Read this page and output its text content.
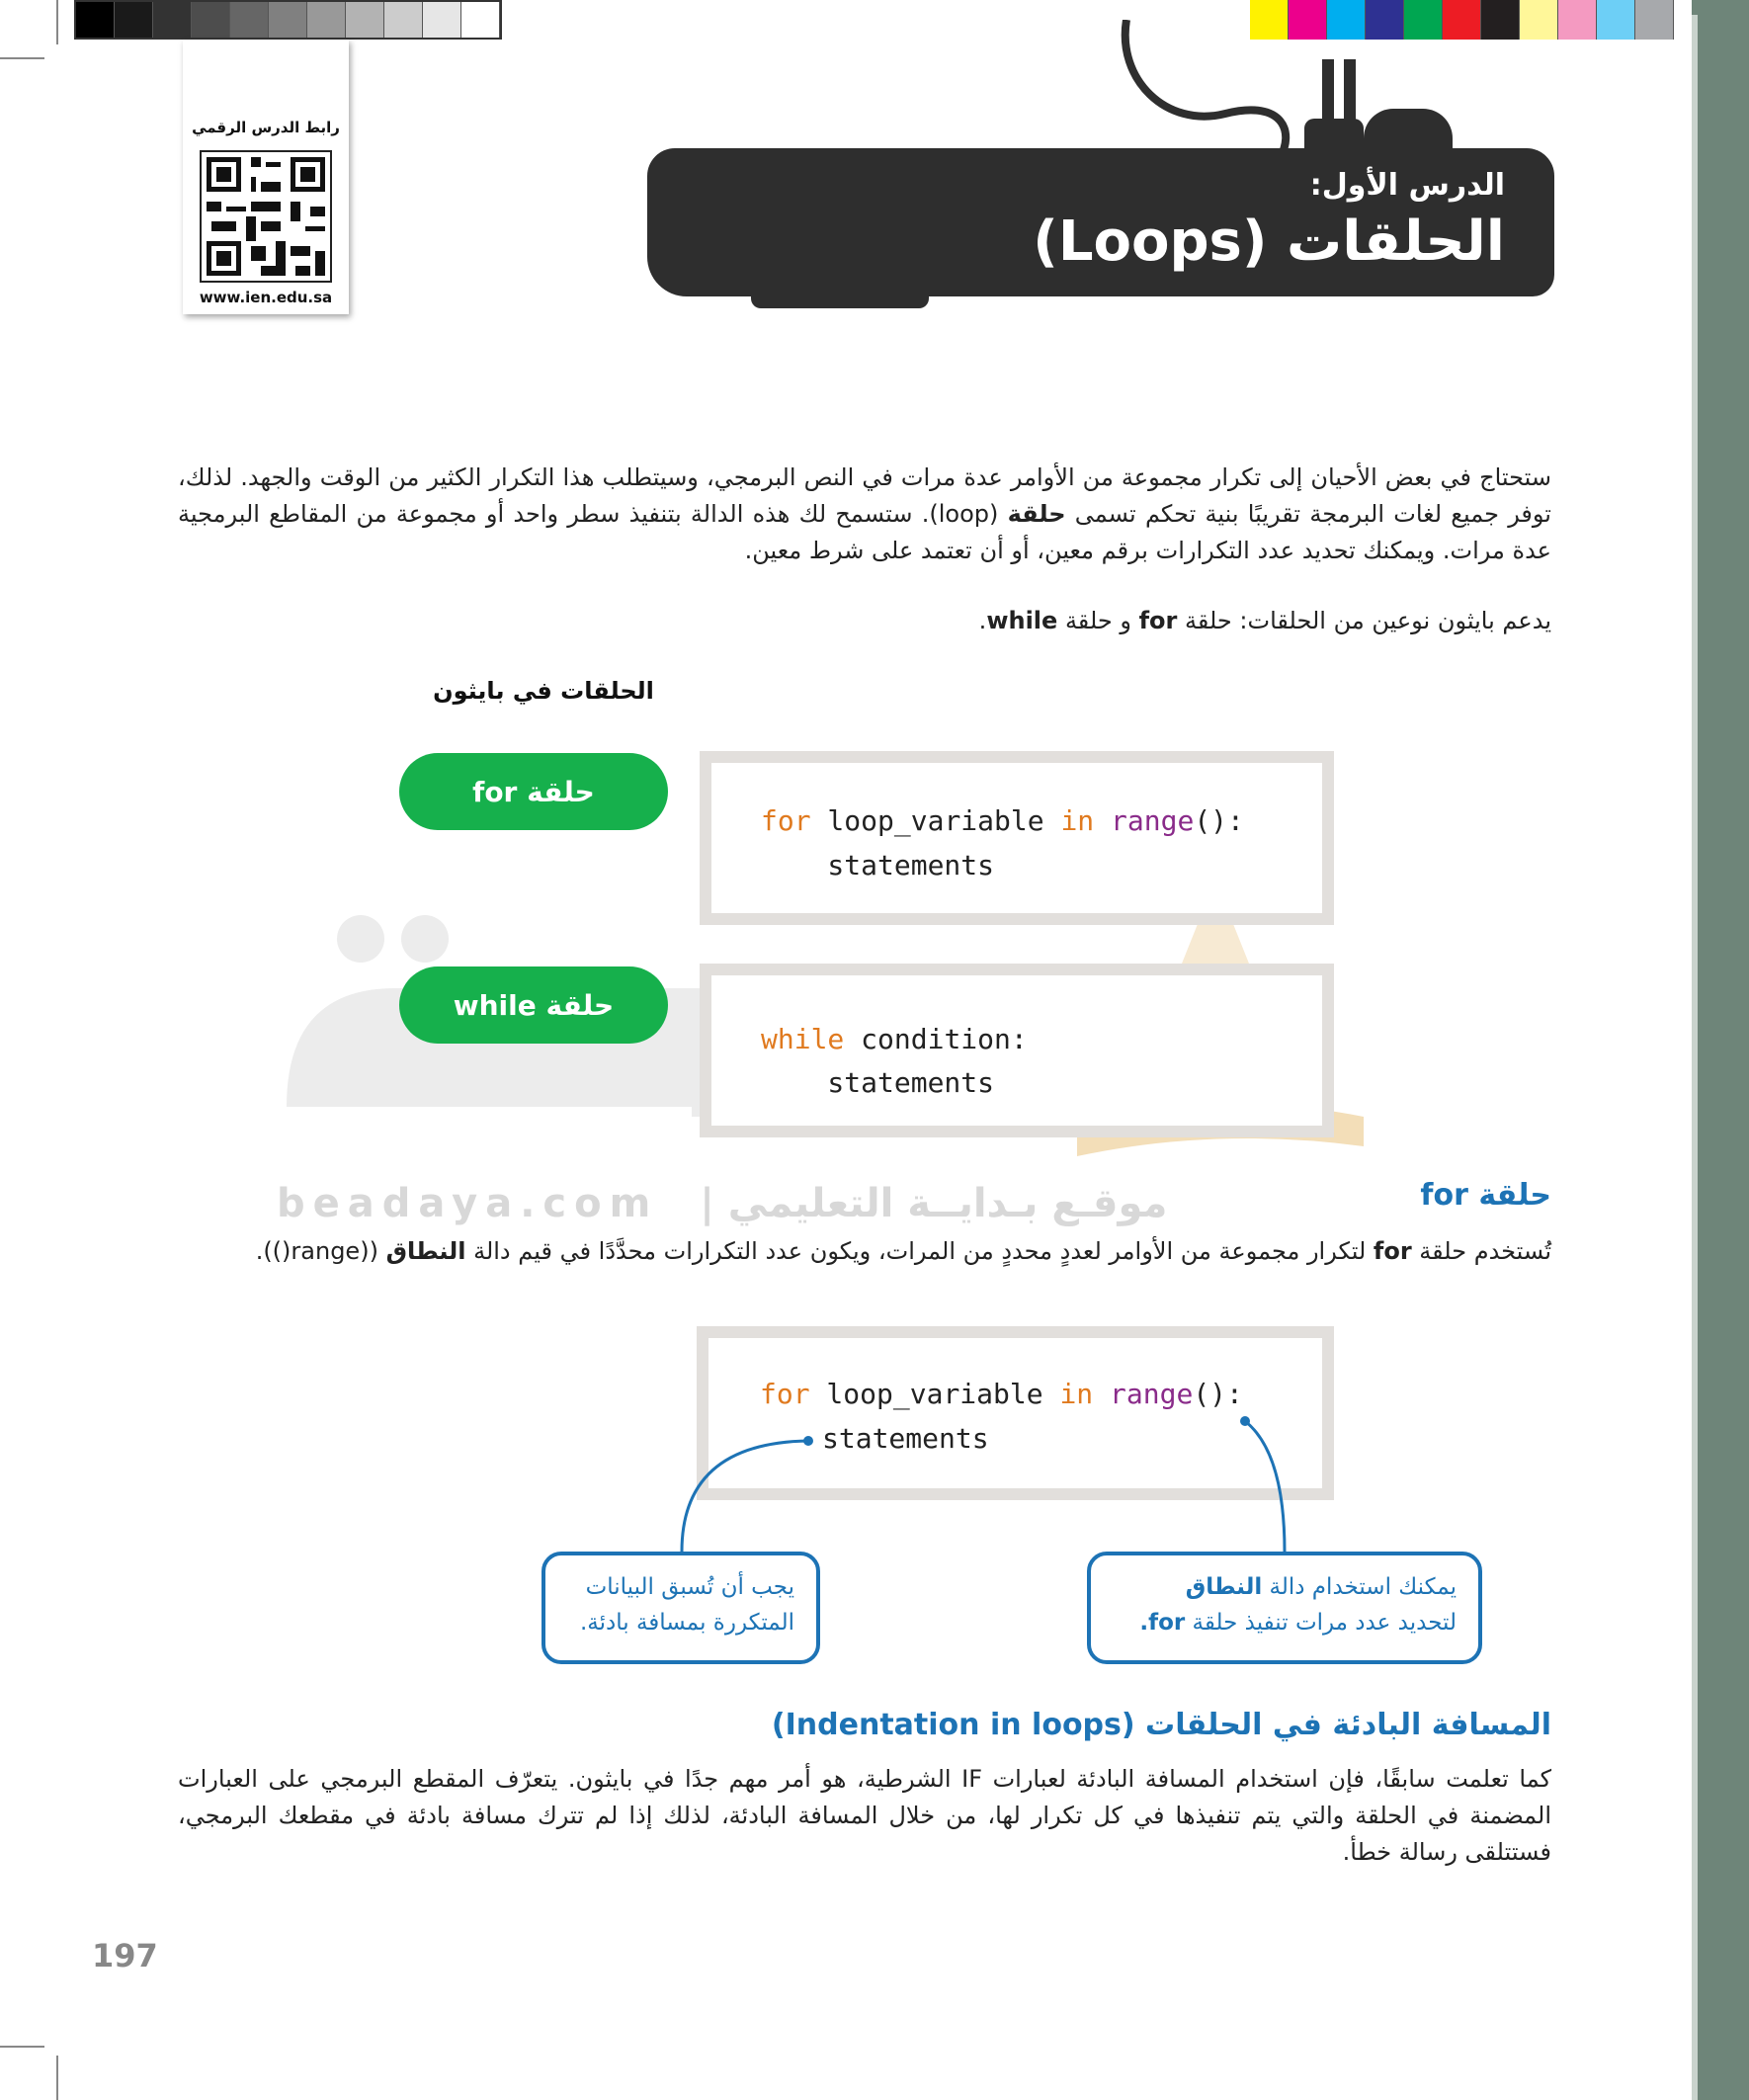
رابط الدرس الرقمي
www.ien.edu.sa
الدرس الأول:
الحلقات (Loops)
ستحتاج في بعض الأحيان إلى تكرار مجموعة من الأوامر عدة مرات في النص البرمجي، وسيتطلب هذا التكرار الكثير من الوقت والجهد. لذلك، توفر جميع لغات البرمجة تقريبًا بنية تحكم تسمى حلقة (loop). ستسمح لك هذه الدالة بتنفيذ سطر واحد أو مجموعة من المقاطع البرمجية عدة مرات. ويمكنك تحديد عدد التكرارات برقم معين، أو أن تعتمد على شرط معين.
يدعم بايثون نوعين من الحلقات: حلقة for و حلقة while.
beadaya.com موقـع بـدايــة التعليمي |
الحلقات في بايثون
حلقة for
for loop_variable in range():
statements
حلقة while
while condition:
statements
حلقة for
تُستخدم حلقة for لتكرار مجموعة من الأوامر لعددٍ محددٍ من المرات، ويكون عدد التكرارات محدَّدًا في قيم دالة النطاق ((range()).
for loop_variable in range():
statements
يمكنك استخدام دالة النطاق
لتحديد عدد مرات تنفيذ حلقة for.
يجب أن تُسبق البيانات
المتكررة بمسافة بادئة.
المسافة البادئة في الحلقات (Indentation in loops)
كما تعلمت سابقًا، فإن استخدام المسافة البادئة لعبارات IF الشرطية، هو أمر مهم جدًا في بايثون. يتعرّف المقطع البرمجي على العبارات المضمنة في الحلقة والتي يتم تنفيذها في كل تكرار لها، من خلال المسافة البادئة، لذلك إذا لم تترك مسافة بادئة في مقطعك البرمجي، فستتلقى رسالة خطأ.
197
